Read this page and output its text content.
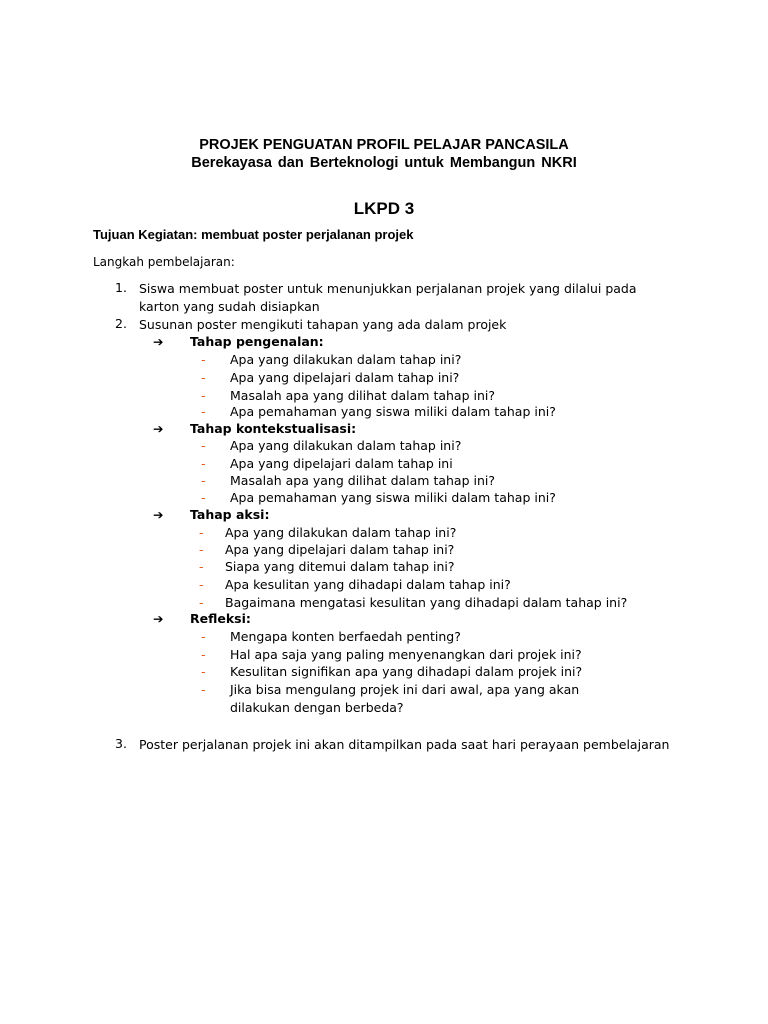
PROJEK PENGUATAN PROFIL PELAJAR PANCASILA
Berekayasa dan Berteknologi untuk Membangun NKRI
LKPD 3
Tujuan Kegiatan: membuat poster perjalanan projek
Langkah pembelajaran:
1. Siswa membuat poster untuk menunjukkan perjalanan projek yang dilalui pada karton yang sudah disiapkan
2. Susunan poster mengikuti tahapan yang ada dalam projek
➔ Tahap pengenalan:
- Apa yang dilakukan dalam tahap ini?
- Apa yang dipelajari dalam tahap ini?
- Masalah apa yang dilihat dalam tahap ini?
- Apa pemahaman yang siswa miliki dalam tahap ini?
➔ Tahap kontekstualisasi:
- Apa yang dilakukan dalam tahap ini?
- Apa yang dipelajari dalam tahap ini
- Masalah apa yang dilihat dalam tahap ini?
- Apa pemahaman yang siswa miliki dalam tahap ini?
➔ Tahap aksi:
- Apa yang dilakukan dalam tahap ini?
- Apa yang dipelajari dalam tahap ini?
- Siapa yang ditemui dalam tahap ini?
- Apa kesulitan yang dihadapi dalam tahap ini?
- Bagaimana mengatasi kesulitan yang dihadapi dalam tahap ini?
➔ Refleksi:
- Mengapa konten berfaedah penting?
- Hal apa saja yang paling menyenangkan dari projek ini?
- Kesulitan signifikan apa yang dihadapi dalam projek ini?
- Jika bisa mengulang projek ini dari awal, apa yang akan
dilakukan dengan berbeda?
3. Poster perjalanan projek ini akan ditampilkan pada saat hari perayaan pembelajaran
